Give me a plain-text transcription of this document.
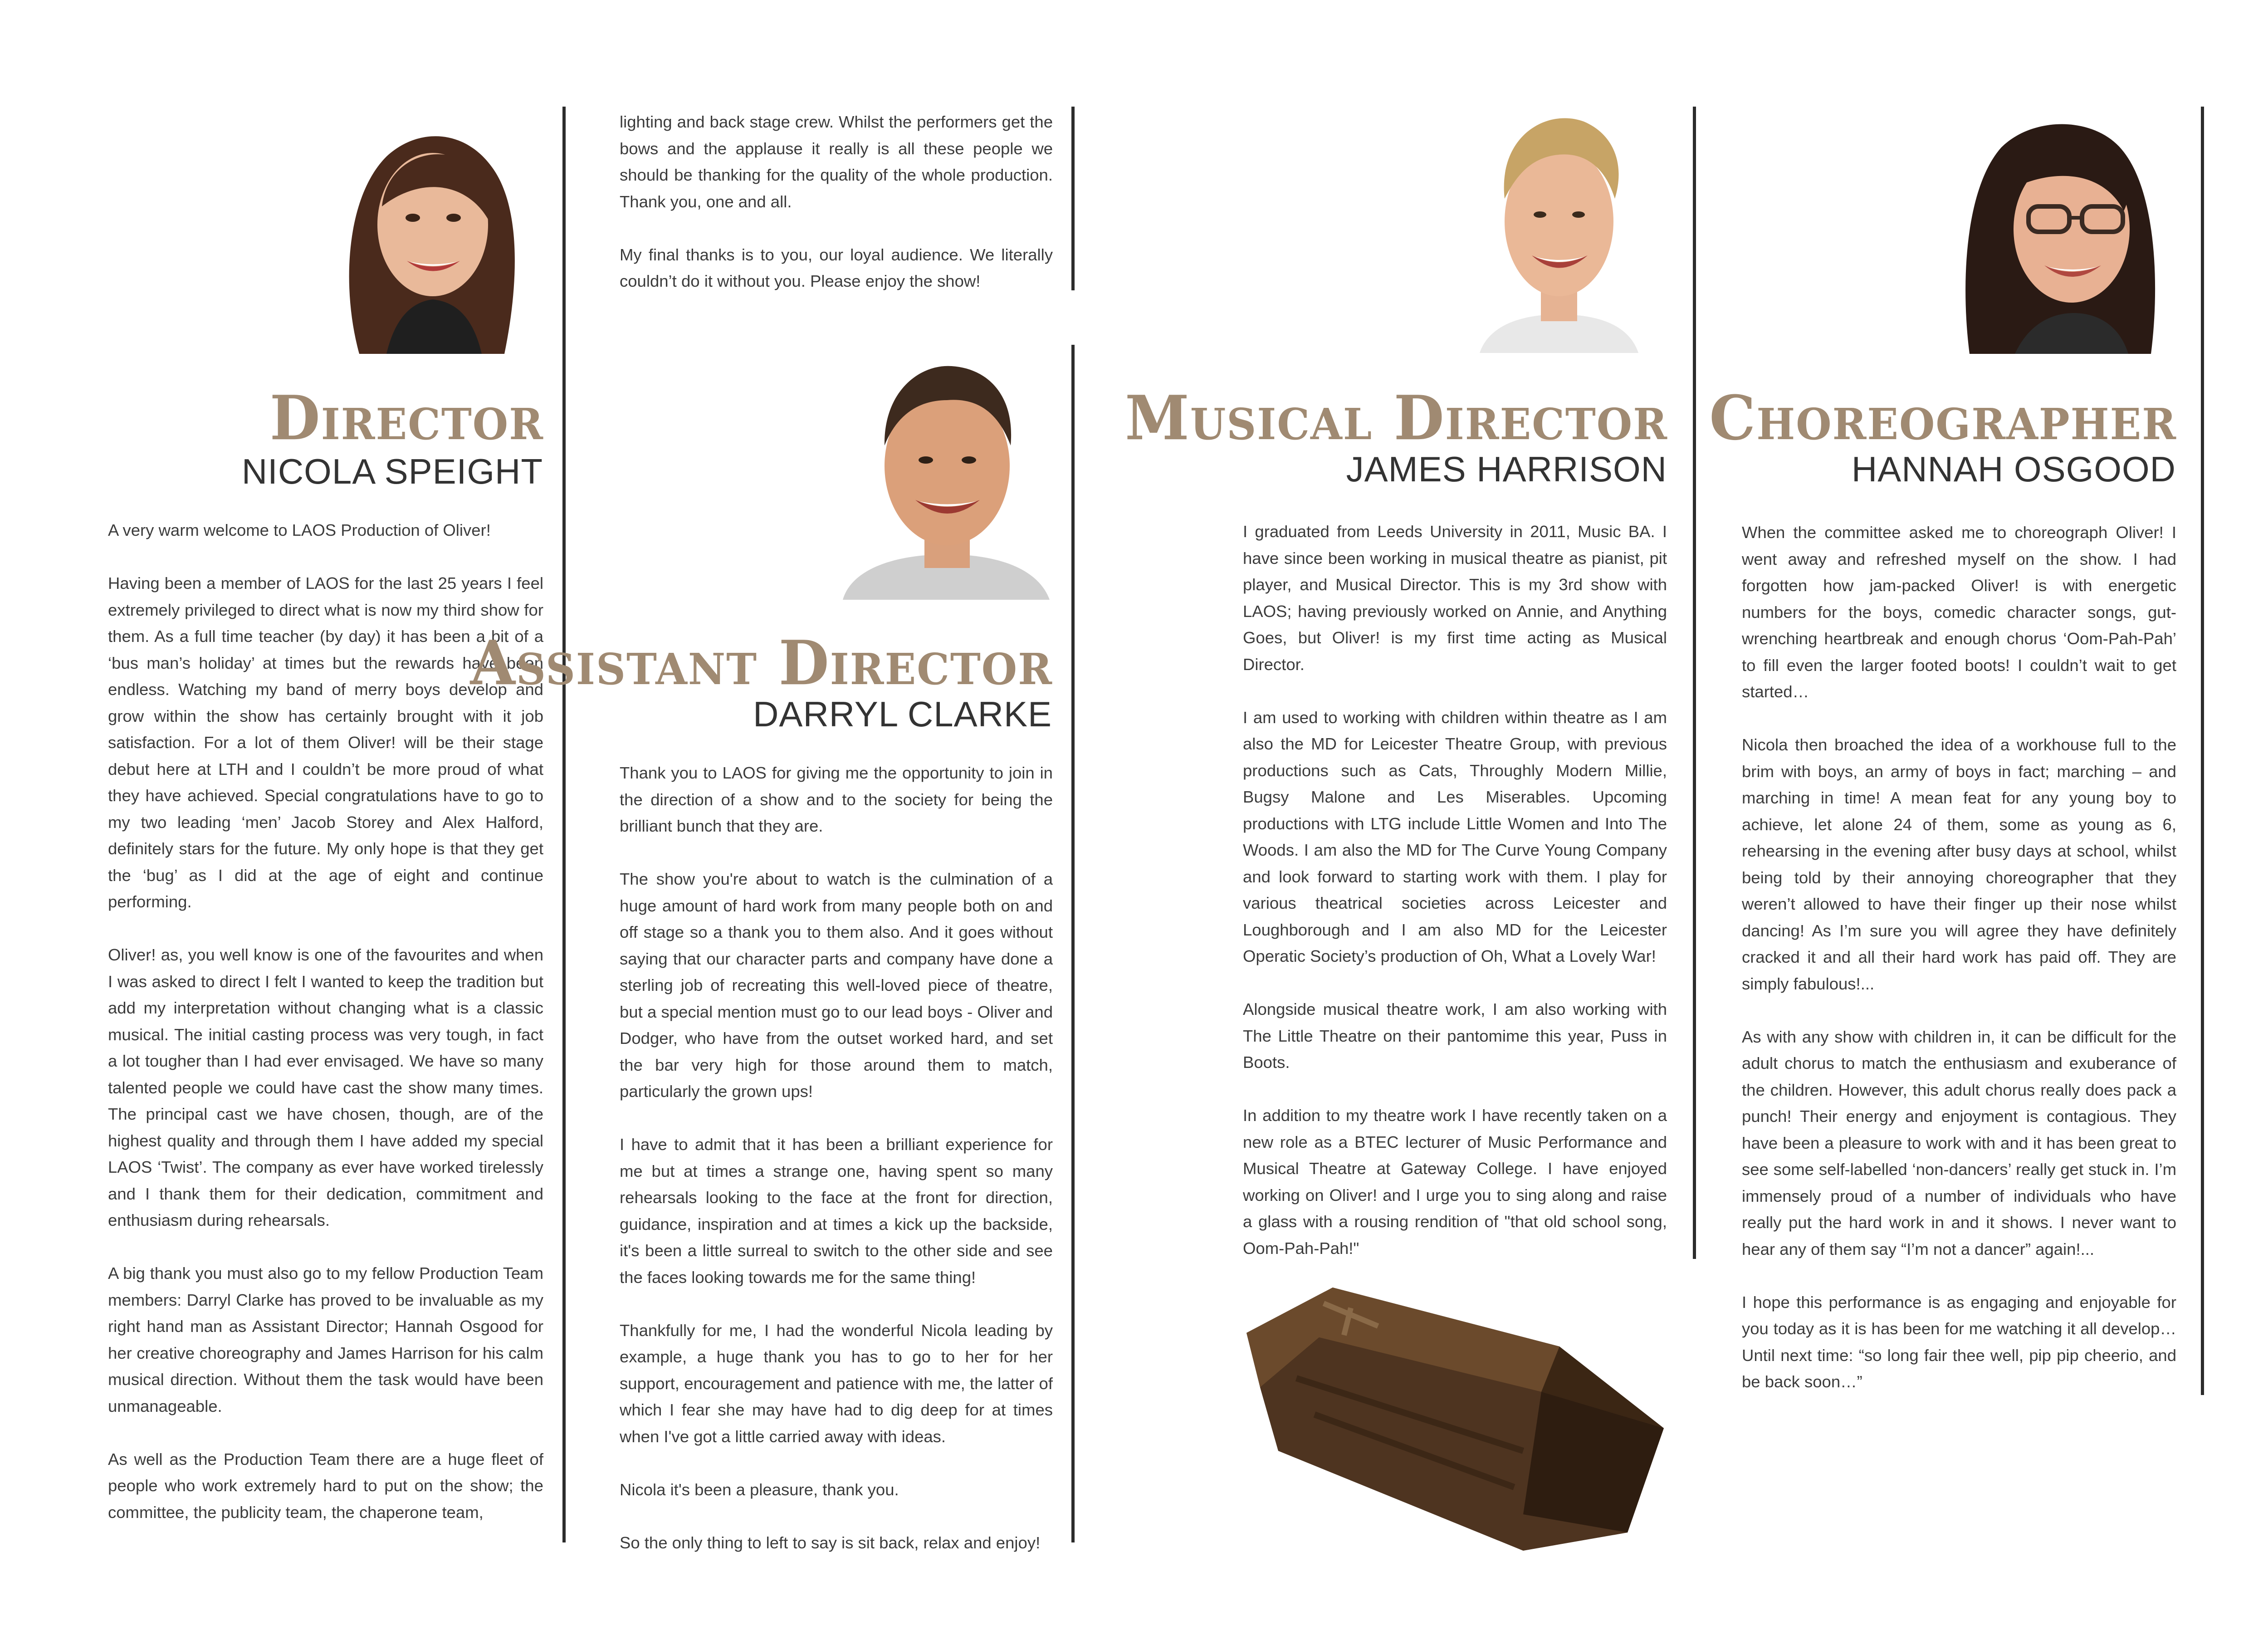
Director
NICOLA SPEIGHT

A very warm welcome to LAOS Production of Oliver!

Having been a member of LAOS for the last 25 years I feel extremely privileged to direct what is now my third show for them. As a full time teacher (by day) it has been a bit of a ‘bus man’s holiday’ at times but the rewards have been endless. Watching my band of merry boys develop and grow within the show has certainly brought with it job satisfaction. For a lot of them Oliver! will be their stage debut here at LTH and I couldn’t be more proud of what they have achieved. Special congratulations have to go to my two leading ‘men’ Jacob Storey and Alex Halford, definitely stars for the future. My only hope is that they get the ‘bug’ as I did at the age of eight and continue performing.

Oliver! as, you well know is one of the favourites and when I was asked to direct I felt I wanted to keep the tradition but add my interpretation without changing what is a classic musical. The initial casting process was very tough, in fact a lot tougher than I had ever envisaged. We have so many talented people we could have cast the show many times. The principal cast we have chosen, though, are of the highest quality and through them I have added my special LAOS ‘Twist’. The company as ever have worked tirelessly and I thank them for their dedication, commitment and enthusiasm during rehearsals.

A big thank you must also go to my fellow Production Team members: Darryl Clarke has proved to be invaluable as my right hand man as Assistant Director; Hannah Osgood for her creative choreography and James Harrison for his calm musical direction. Without them the task would have been unmanageable.

As well as the Production Team there are a huge fleet of people who work extremely hard to put on the show; the committee, the publicity team, the chaperone team,

lighting and back stage crew. Whilst the performers get the bows and the applause it really is all these people we should be thanking for the quality of the whole production. Thank you, one and all.

My final thanks is to you, our loyal audience. We literally couldn’t do it without you. Please enjoy the show!

Assistant Director
DARRYL CLARKE

Thank you to LAOS for giving me the opportunity to join in the direction of a show and to the society for being the brilliant bunch that they are.

The show you're about to watch is the culmination of a huge amount of hard work from many people both on and off stage so a thank you to them also. And it goes without saying that our character parts and company have done a sterling job of recreating this well-loved piece of theatre, but a special mention must go to our lead boys - Oliver and Dodger, who have from the outset worked hard, and set the bar very high for those around them to match, particularly the grown ups!

I have to admit that it has been a brilliant experience for me but at times a strange one, having spent so many rehearsals looking to the face at the front for direction, guidance, inspiration and at times a kick up the backside, it's been a little surreal to switch to the other side and see the faces looking towards me for the same thing!

Thankfully for me, I had the wonderful Nicola leading by example, a huge thank you has to go to her for her support, encouragement and patience with me, the latter of which I fear she may have had to dig deep for at times when I've got a little carried away with ideas.

Nicola it's been a pleasure, thank you.

So the only thing to left to say is sit back, relax and enjoy!

Musical Director
JAMES HARRISON

I graduated from Leeds University in 2011, Music BA. I have since been working in musical theatre as pianist, pit player, and Musical Director. This is my 3rd show with LAOS; having previously worked on Annie, and Anything Goes, but Oliver! is my first time acting as Musical Director.

I am used to working with children within theatre as I am also the MD for Leicester Theatre Group, with previous productions such as Cats, Throughly Modern Millie, Bugsy Malone and Les Miserables. Upcoming productions with LTG include Little Women and Into The Woods. I am also the MD for The Curve Young Company and look forward to starting work with them. I play for various theatrical societies across Leicester and Loughborough and I am also MD for the Leicester Operatic Society’s production of Oh, What a Lovely War!

Alongside musical theatre work, I am also working with The Little Theatre on their pantomime this year, Puss in Boots.

In addition to my theatre work I have recently taken on a new role as a BTEC lecturer of Music Performance and Musical Theatre at Gateway College. I have enjoyed working on Oliver! and I urge you to sing along and raise a glass with a rousing rendition of "that old school song, Oom-Pah-Pah!"

Choreographer
HANNAH OSGOOD

When the committee asked me to choreograph Oliver! I went away and refreshed myself on the show. I had forgotten how jam-packed Oliver! is with energetic numbers for the boys, comedic character songs, gut-wrenching heartbreak and enough chorus ‘Oom-Pah-Pah’ to fill even the larger footed boots! I couldn’t wait to get started…

Nicola then broached the idea of a workhouse full to the brim with boys, an army of boys in fact; marching – and marching in time! A mean feat for any young boy to achieve, let alone 24 of them, some as young as 6, rehearsing in the evening after busy days at school, whilst being told by their annoying choreographer that they weren’t allowed to have their finger up their nose whilst dancing! As I’m sure you will agree they have definitely cracked it and all their hard work has paid off. They are simply fabulous!...

As with any show with children in, it can be difficult for the adult chorus to match the enthusiasm and exuberance of the children. However, this adult chorus really does pack a punch! Their energy and enjoyment is contagious. They have been a pleasure to work with and it has been great to see some self-labelled ‘non-dancers’ really get stuck in. I’m immensely proud of a number of individuals who have really put the hard work in and it shows. I never want to hear any of them say “I’m not a dancer” again!...

I hope this performance is as engaging and enjoyable for you today as it is has been for me watching it all develop…Until next time: “so long fair thee well, pip pip cheerio, and be back soon…”
